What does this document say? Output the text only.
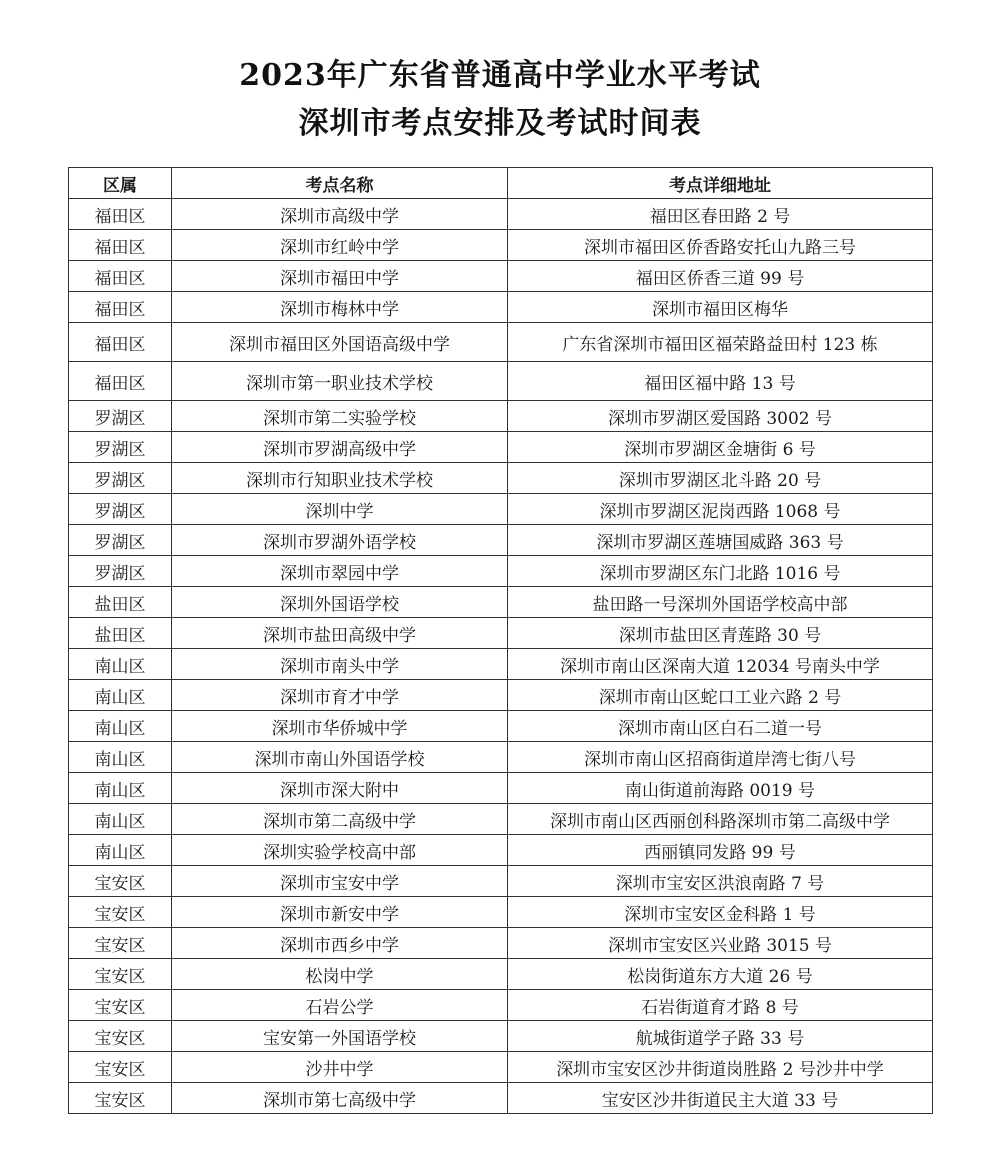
2023年广东省普通高中学业水平考试
深圳市考点安排及考试时间表
区属	考点名称	考点详细地址
福田区	深圳市高级中学	福田区春田路 2 号
福田区	深圳市红岭中学	深圳市福田区侨香路安托山九路三号
福田区	深圳市福田中学	福田区侨香三道 99 号
福田区	深圳市梅林中学	深圳市福田区梅华
福田区	深圳市福田区外国语高级中学	广东省深圳市福田区福荣路益田村 123 栋
福田区	深圳市第一职业技术学校	福田区福中路 13 号
罗湖区	深圳市第二实验学校	深圳市罗湖区爱国路 3002 号
罗湖区	深圳市罗湖高级中学	深圳市罗湖区金塘街 6 号
罗湖区	深圳市行知职业技术学校	深圳市罗湖区北斗路 20 号
罗湖区	深圳中学	深圳市罗湖区泥岗西路 1068 号
罗湖区	深圳市罗湖外语学校	深圳市罗湖区莲塘国威路 363 号
罗湖区	深圳市翠园中学	深圳市罗湖区东门北路 1016 号
盐田区	深圳外国语学校	盐田路一号深圳外国语学校高中部
盐田区	深圳市盐田高级中学	深圳市盐田区青莲路 30 号
南山区	深圳市南头中学	深圳市南山区深南大道 12034 号南头中学
南山区	深圳市育才中学	深圳市南山区蛇口工业六路 2 号
南山区	深圳市华侨城中学	深圳市南山区白石二道一号
南山区	深圳市南山外国语学校	深圳市南山区招商街道岸湾七街八号
南山区	深圳市深大附中	南山街道前海路 0019 号
南山区	深圳市第二高级中学	深圳市南山区西丽创科路深圳市第二高级中学
南山区	深圳实验学校高中部	西丽镇同发路 99 号
宝安区	深圳市宝安中学	深圳市宝安区洪浪南路 7 号
宝安区	深圳市新安中学	深圳市宝安区金科路 1 号
宝安区	深圳市西乡中学	深圳市宝安区兴业路 3015 号
宝安区	松岗中学	松岗街道东方大道 26 号
宝安区	石岩公学	石岩街道育才路 8 号
宝安区	宝安第一外国语学校	航城街道学子路 33 号
宝安区	沙井中学	深圳市宝安区沙井街道岗胜路 2 号沙井中学
宝安区	深圳市第七高级中学	宝安区沙井街道民主大道 33 号
